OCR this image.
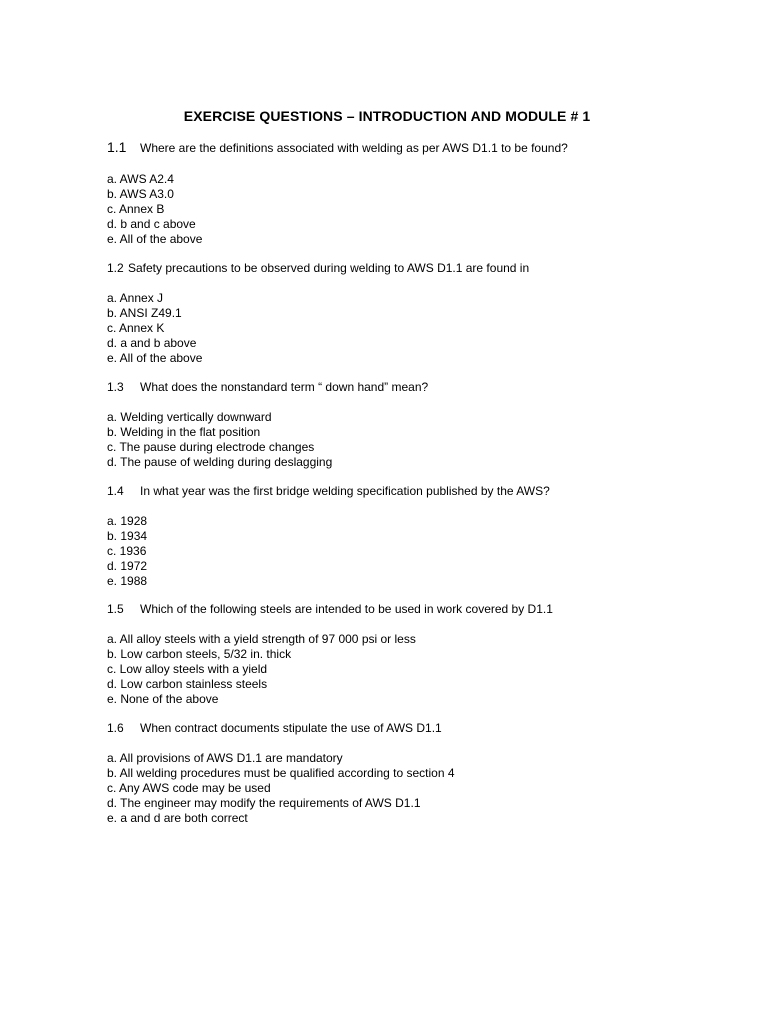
EXERCISE QUESTIONS – INTRODUCTION AND MODULE # 1
1.1	Where are the definitions associated with welding as per AWS D1.1 to be found?
a. AWS A2.4
b. AWS A3.0
c. Annex B
d. b and c above
e. All of the above
1.2 Safety precautions to be observed during welding to AWS D1.1 are found in
a. Annex J
b. ANSI Z49.1
c. Annex K
d. a and b above
e. All of the above
1.3	What does the nonstandard term “ down hand” mean?
a. Welding vertically downward
b. Welding in the flat position
c. The pause during electrode changes
d. The pause of welding during deslagging
1.4	In what year was the first bridge welding specification published by the AWS?
a. 1928
b. 1934
c. 1936
d. 1972
e. 1988
1.5	Which of the following steels are intended to be used in work covered by D1.1
a. All alloy steels with a yield strength of 97 000 psi or less
b. Low carbon steels, 5/32 in. thick
c. Low alloy steels with a yield
d. Low carbon stainless steels
e. None of the above
1.6	When contract documents stipulate the use of AWS D1.1
a. All provisions of AWS D1.1 are mandatory
b. All welding procedures must be qualified according to section 4
c. Any AWS code may be used
d. The engineer may modify the requirements of AWS D1.1
e. a and d are both correct
